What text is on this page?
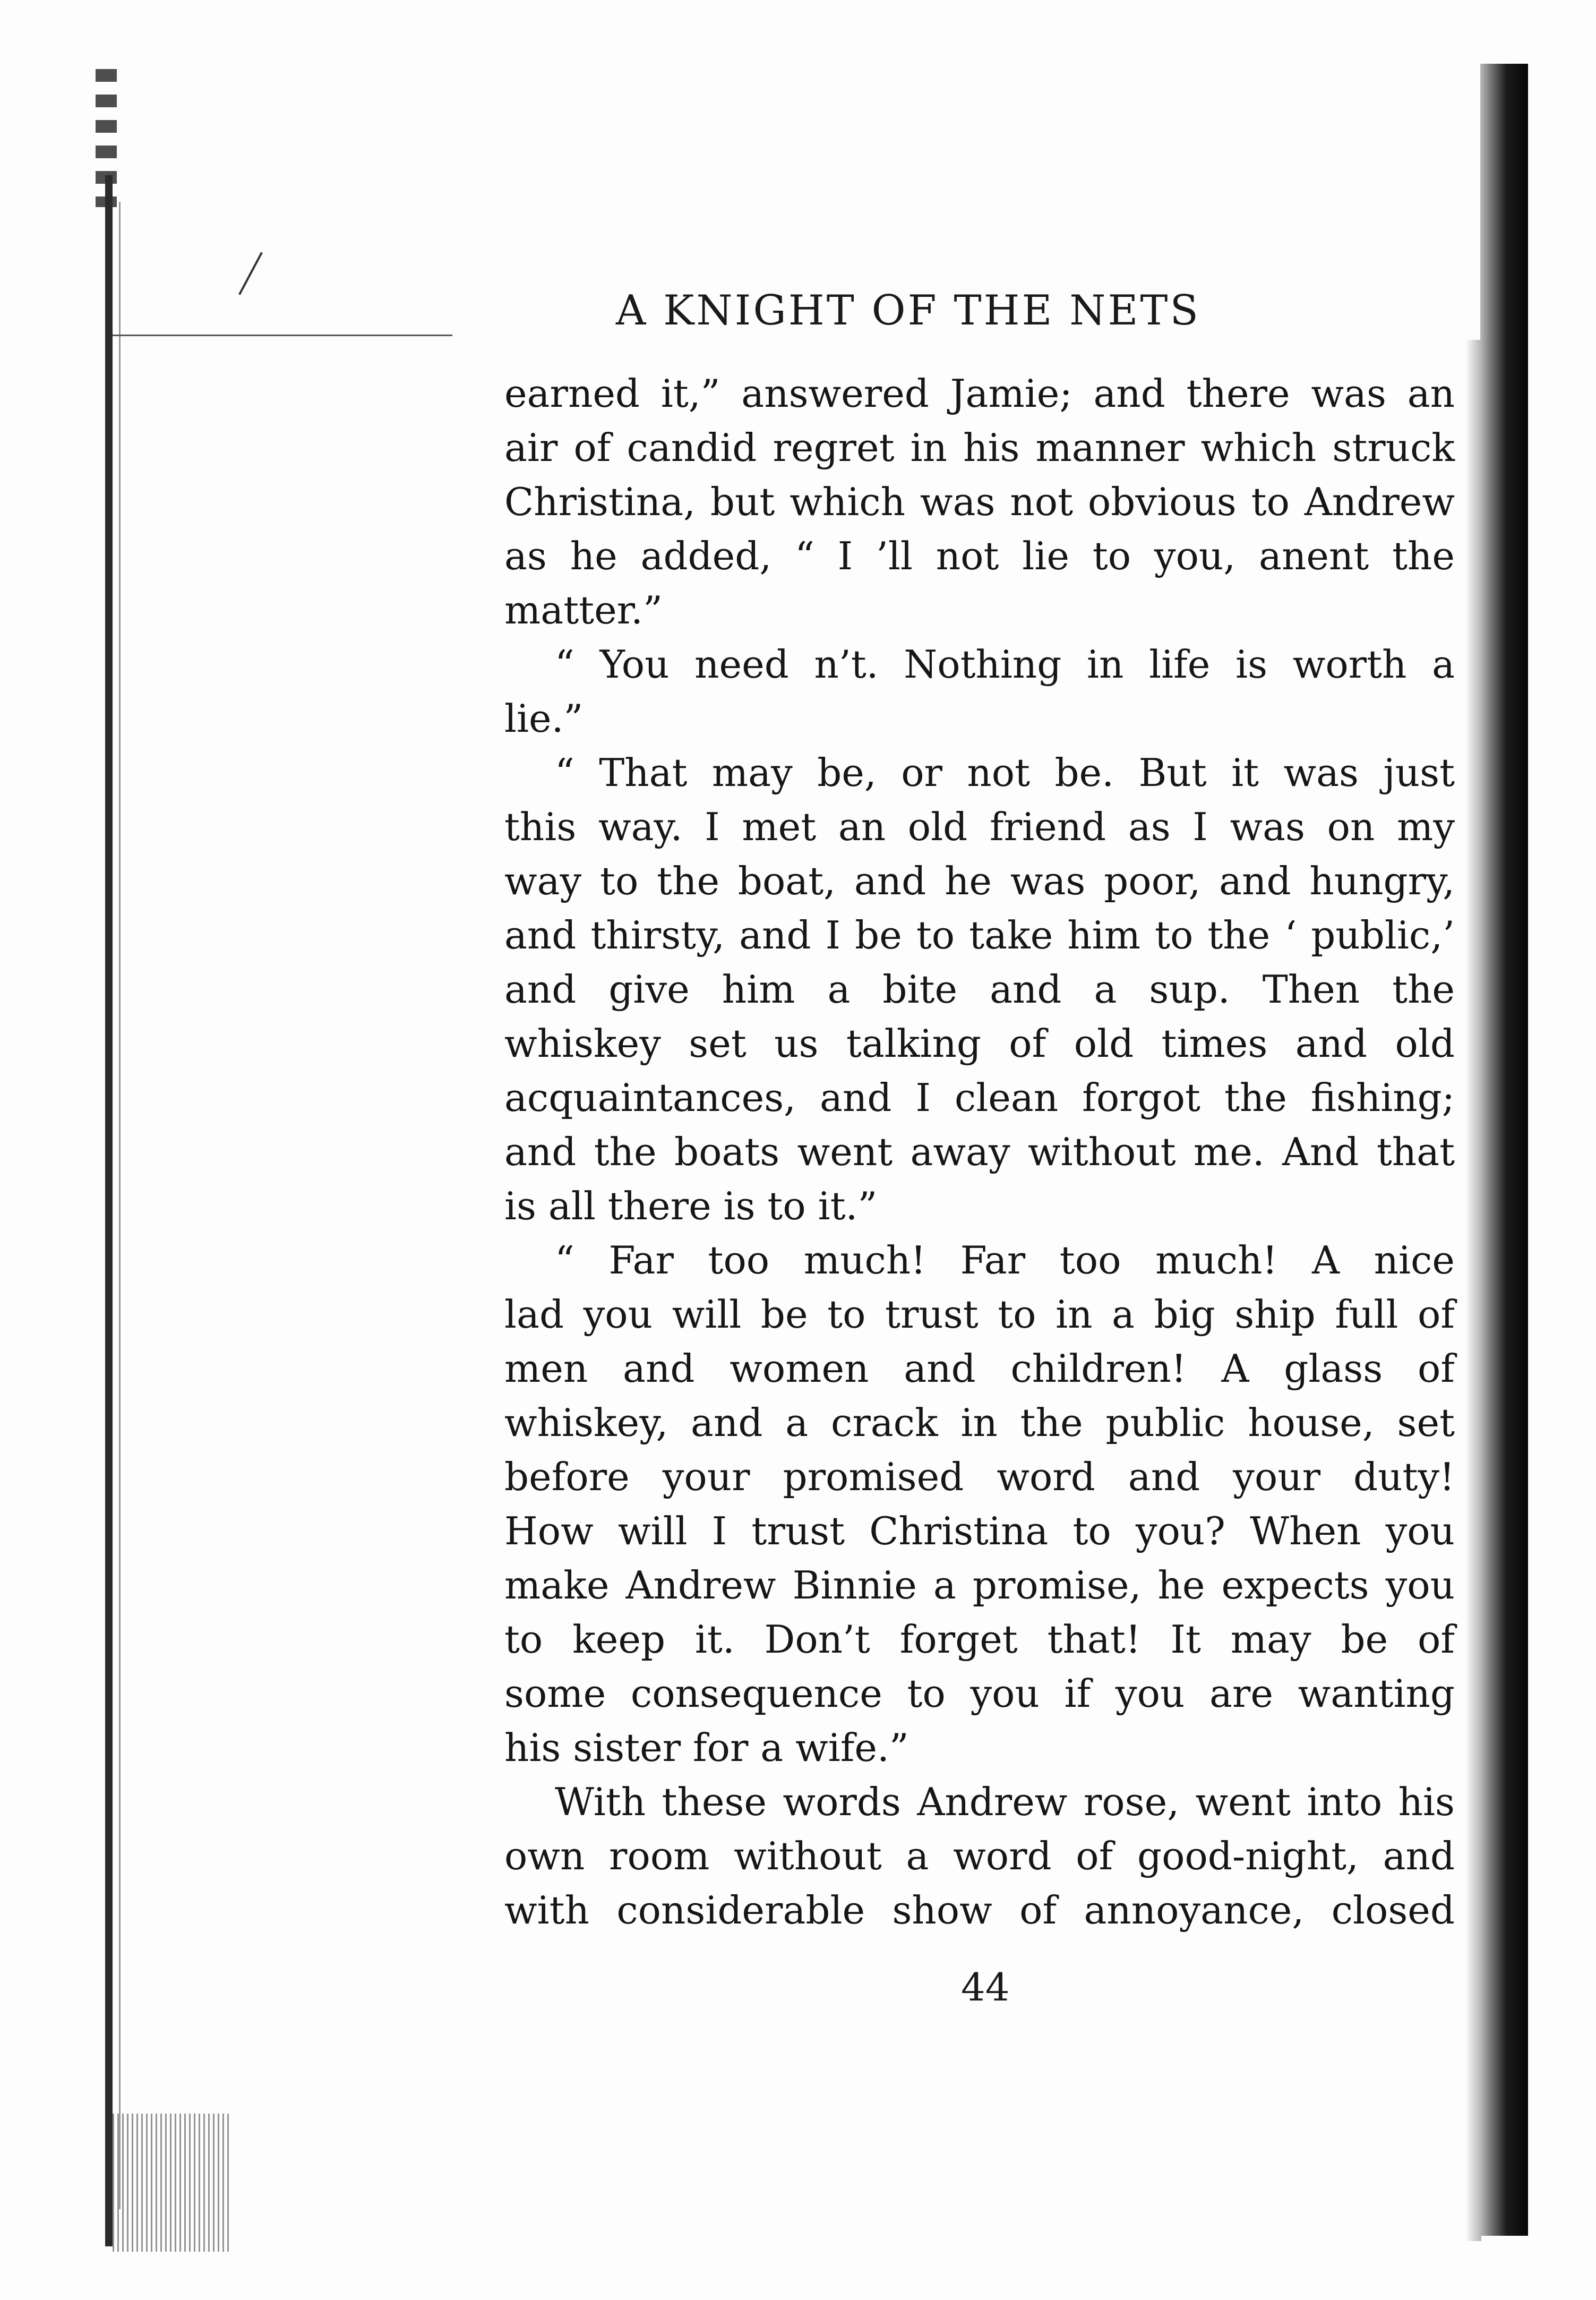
A KNIGHT OF THE NETS
earned it,” answered Jamie; and there was an
air of candid regret in his manner which struck
Christina, but which was not obvious to Andrew
as he added, “ I ’ll not lie to you, anent the
matter.”
“ You need n’t. Nothing in life is worth a
lie.”
“ That may be, or not be. But it was just
this way. I met an old friend as I was on my
way to the boat, and he was poor, and hungry,
and thirsty, and I be to take him to the ‘ public,’
and give him a bite and a sup. Then the
whiskey set us talking of old times and old
acquaintances, and I clean forgot the fishing;
and the boats went away without me. And that
is all there is to it.”
“ Far too much! Far too much! A nice
lad you will be to trust to in a big ship full of
men and women and children! A glass of
whiskey, and a crack in the public house, set
before your promised word and your duty!
How will I trust Christina to you? When you
make Andrew Binnie a promise, he expects you
to keep it. Don’t forget that! It may be of
some consequence to you if you are wanting
his sister for a wife.”
With these words Andrew rose, went into his
own room without a word of good-night, and
with considerable show of annoyance, closed
44
